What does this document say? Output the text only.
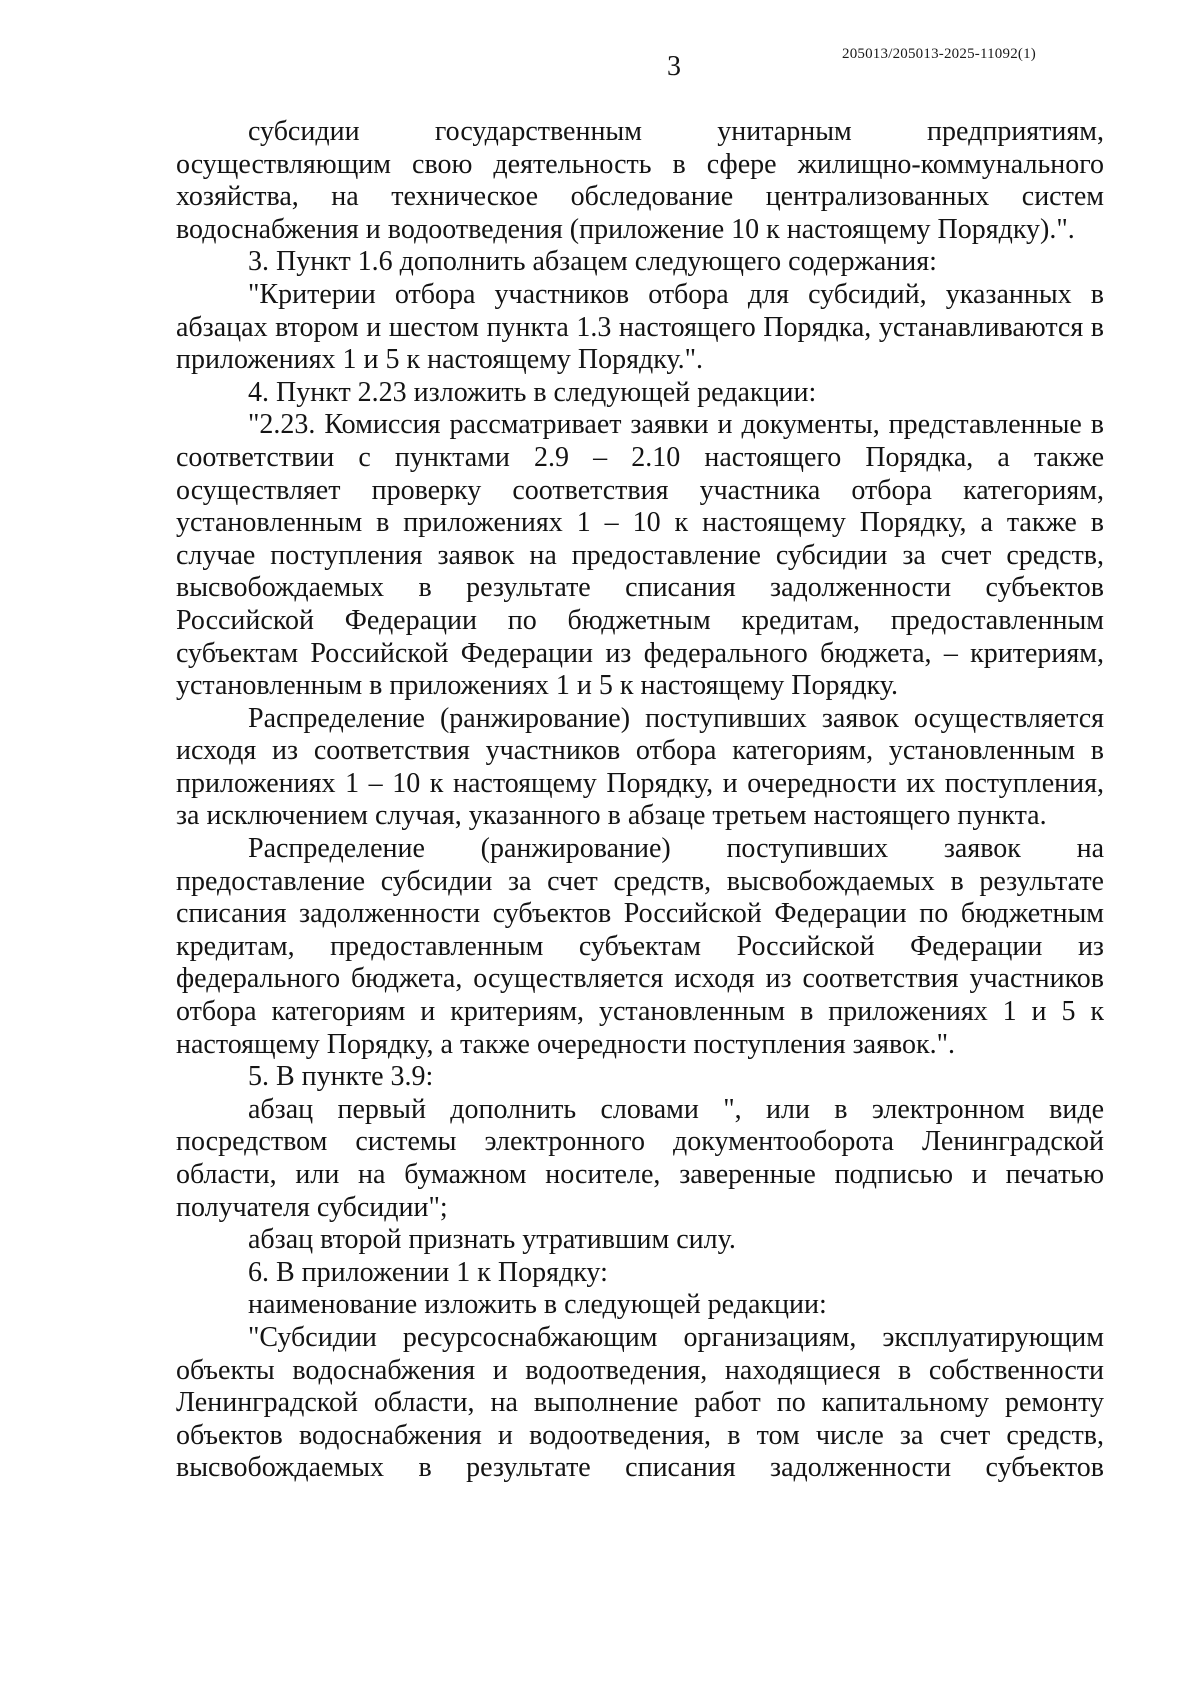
3	205013/205013-2025-11092(1)

субсидии государственным унитарным предприятиям, осуществляющим свою деятельность в сфере жилищно-коммунального хозяйства, на техническое обследование централизованных систем водоснабжения и водоотведения (приложение 10 к настоящему Порядку).".

3. Пункт 1.6 дополнить абзацем следующего содержания:

"Критерии отбора участников отбора для субсидий, указанных в абзацах втором и шестом пункта 1.3 настоящего Порядка, устанавливаются в приложениях 1 и 5 к настоящему Порядку.".

4. Пункт 2.23 изложить в следующей редакции:

"2.23. Комиссия рассматривает заявки и документы, представленные в соответствии с пунктами 2.9 – 2.10 настоящего Порядка, а также осуществляет проверку соответствия участника отбора категориям, установленным в приложениях 1 – 10 к настоящему Порядку, а также в случае поступления заявок на предоставление субсидии за счет средств, высвобождаемых в результате списания задолженности субъектов Российской Федерации по бюджетным кредитам, предоставленным субъектам Российской Федерации из федерального бюджета, – критериям, установленным в приложениях 1 и 5 к настоящему Порядку.

Распределение (ранжирование) поступивших заявок осуществляется исходя из соответствия участников отбора категориям, установленным в приложениях 1 – 10 к настоящему Порядку, и очередности их поступления, за исключением случая, указанного в абзаце третьем настоящего пункта.

Распределение (ранжирование) поступивших заявок на предоставление субсидии за счет средств, высвобождаемых в результате списания задолженности субъектов Российской Федерации по бюджетным кредитам, предоставленным субъектам Российской Федерации из федерального бюджета, осуществляется исходя из соответствия участников отбора категориям и критериям, установленным в приложениях 1 и 5 к настоящему Порядку, а также очередности поступления заявок.".

5. В пункте 3.9:

абзац первый дополнить словами ", или в электронном виде посредством системы электронного документооборота Ленинградской области, или на бумажном носителе, заверенные подписью и печатью получателя субсидии";

абзац второй признать утратившим силу.

6. В приложении 1 к Порядку:

наименование изложить в следующей редакции:

"Субсидии ресурсоснабжающим организациям, эксплуатирующим объекты водоснабжения и водоотведения, находящиеся в собственности Ленинградской области, на выполнение работ по капитальному ремонту объектов водоснабжения и водоотведения, в том числе за счет средств, высвобождаемых в результате списания задолженности субъектов
